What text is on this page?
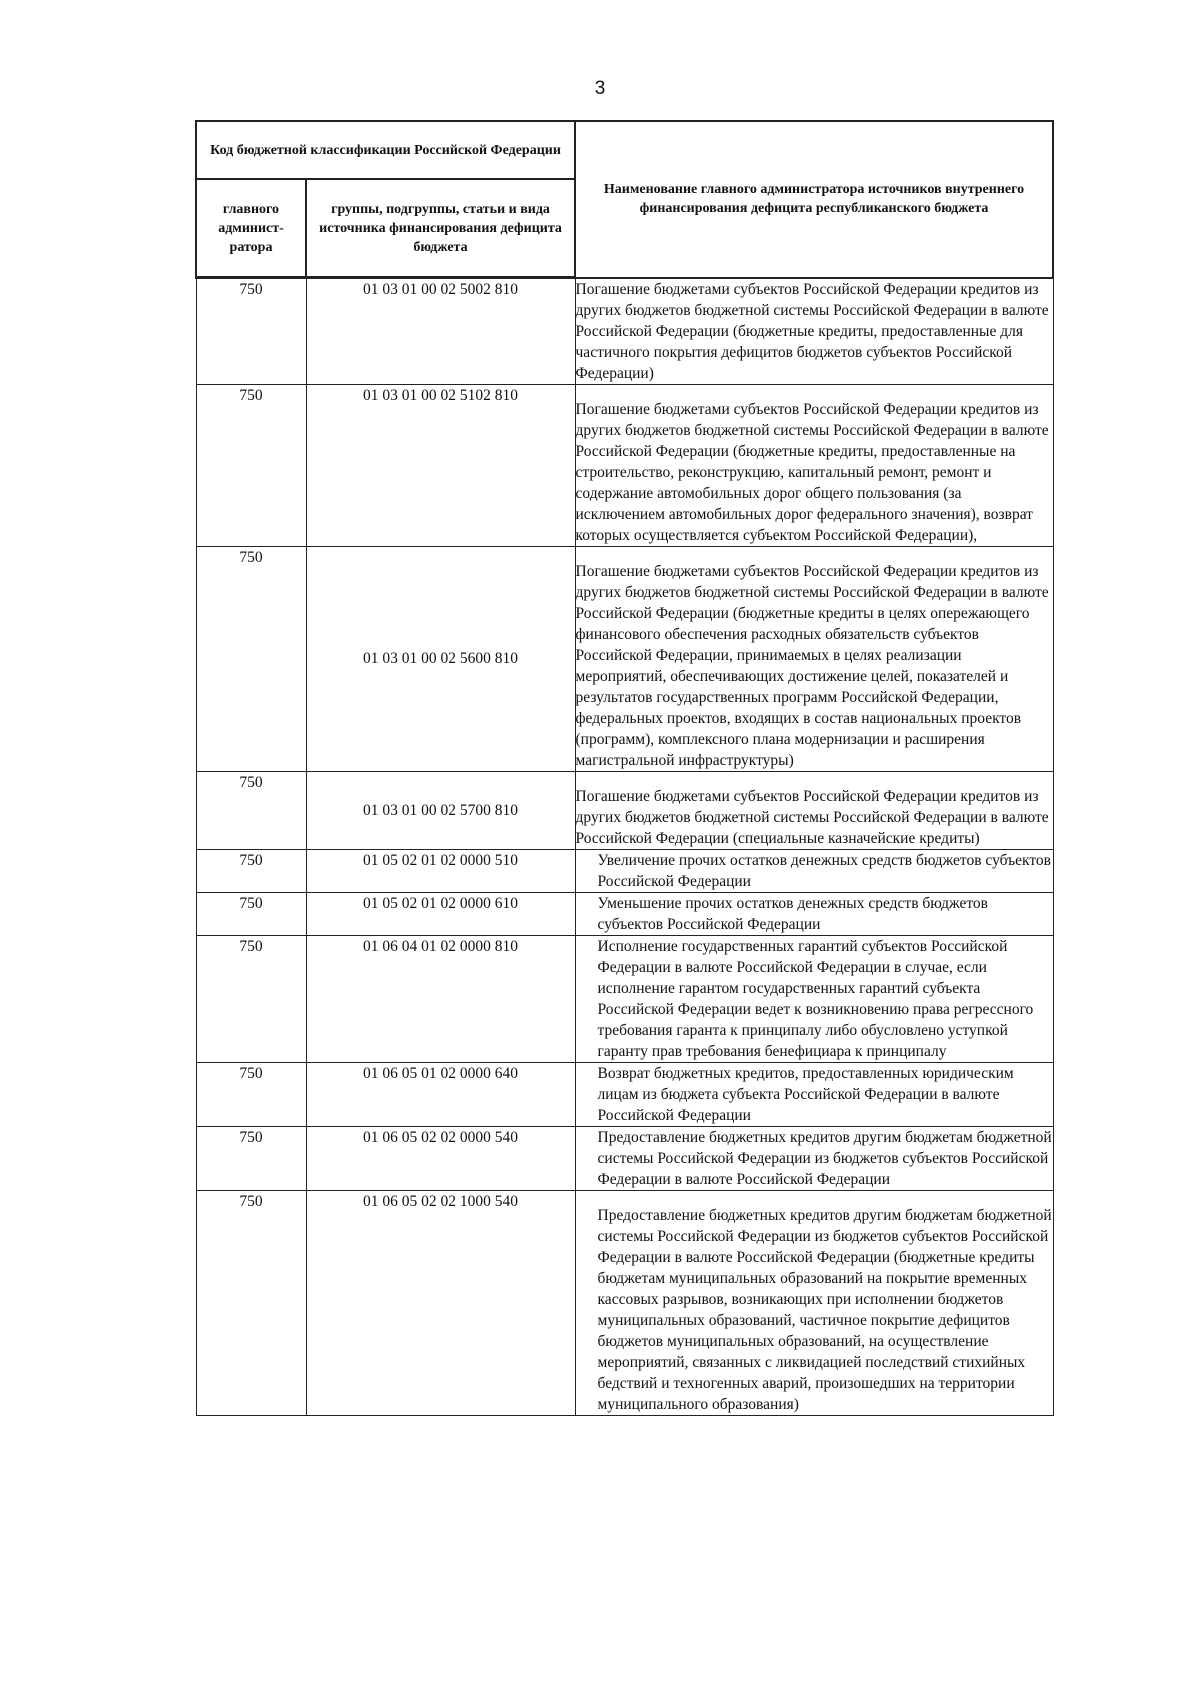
3
Код бюджетной классификации Российской Федерации		Наименование главного администратора источников внутреннего финансирования дефицита республиканского бюджета
главного админист-ратора	группы, подгруппы, статьи и вида источника финансирования дефицита бюджета	
750	01 03 01 00 02 5002 810	Погашение бюджетами субъектов Российской Федерации кредитов из других бюджетов бюджетной системы Российской Федерации в валюте Российской Федерации (бюджетные кредиты, предоставленные для частичного покрытия дефицитов бюджетов субъектов Российской Федерации)
750	01 03 01 00 02 5102 810	Погашение бюджетами субъектов Российской Федерации кредитов из других бюджетов бюджетной системы Российской Федерации в валюте Российской Федерации (бюджетные кредиты, предоставленные на строительство, реконструкцию, капитальный ремонт, ремонт и содержание автомобильных дорог общего пользования (за исключением автомобильных дорог федерального значения), возврат которых осуществляется субъектом Российской Федерации),
750	01 03 01 00 02 5600 810	Погашение бюджетами субъектов Российской Федерации кредитов из других бюджетов бюджетной системы Российской Федерации в валюте Российской Федерации (бюджетные кредиты в целях опережающего финансового обеспечения расходных обязательств субъектов Российской Федерации, принимаемых в целях реализации мероприятий, обеспечивающих достижение целей, показателей и результатов государственных программ Российской Федерации, федеральных проектов, входящих в состав национальных проектов (программ), комплексного плана модернизации и расширения магистральной инфраструктуры)
750	01 03 01 00 02 5700 810	Погашение бюджетами субъектов Российской Федерации кредитов из других бюджетов бюджетной системы Российской Федерации в валюте Российской Федерации (специальные казначейские кредиты)
750	01 05 02 01 02 0000 510	Увеличение прочих остатков денежных средств бюджетов субъектов Российской Федерации
750	01 05 02 01 02 0000 610	Уменьшение прочих остатков денежных средств бюджетов субъектов Российской Федерации
750	01 06 04 01 02 0000 810	Исполнение государственных гарантий субъектов Российской Федерации в валюте Российской Федерации в случае, если исполнение гарантом государственных гарантий субъекта Российской Федерации ведет к возникновению права регрессного требования гаранта к принципалу либо обусловлено уступкой гаранту прав требования бенефициара к принципалу
750	01 06 05 01 02 0000 640	Возврат бюджетных кредитов, предоставленных юридическим лицам из бюджета субъекта Российской Федерации в валюте Российской Федерации
750	01 06 05 02 02 0000 540	Предоставление бюджетных кредитов другим бюджетам бюджетной системы Российской Федерации из бюджетов субъектов Российской Федерации в валюте Российской Федерации
750	01 06 05 02 02 1000 540	Предоставление бюджетных кредитов другим бюджетам бюджетной системы Российской Федерации из бюджетов субъектов Российской Федерации в валюте Российской Федерации (бюджетные кредиты бюджетам муниципальных образований на покрытие временных кассовых разрывов, возникающих при исполнении бюджетов муниципальных образований, частичное покрытие дефицитов бюджетов муниципальных образований, на осуществление мероприятий, связанных с ликвидацией последствий стихийных бедствий и техногенных аварий, произошедших на территории муниципального образования)
